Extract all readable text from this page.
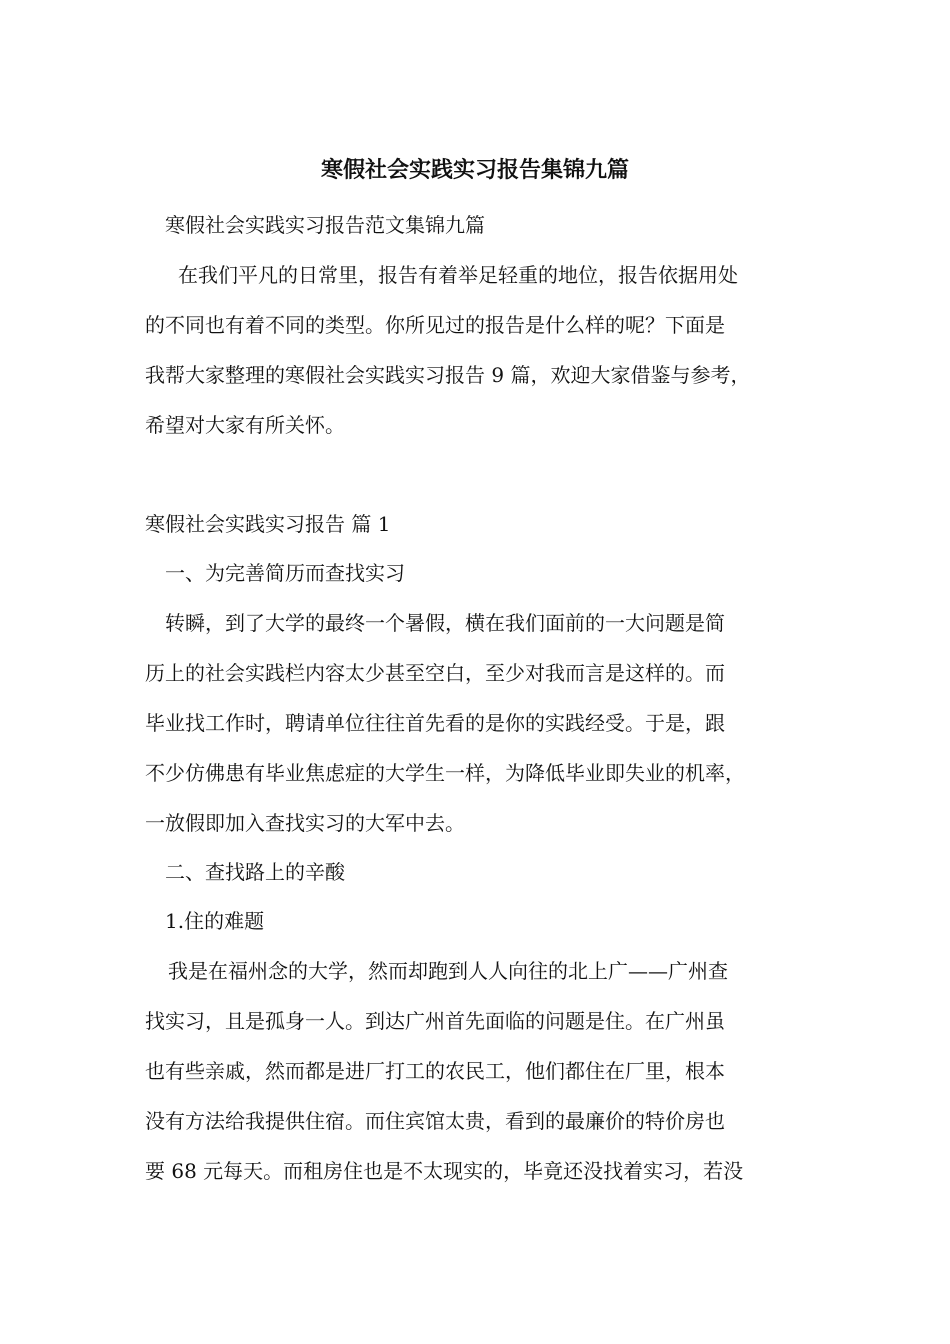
寒假社会实践实习报告集锦九篇
寒假社会实践实习报告范文集锦九篇
在我们平凡的日常里，报告有着举足轻重的地位，报告依据用处
的不同也有着不同的类型。你所见过的报告是什么样的呢？下面是
我帮大家整理的寒假社会实践实习报告 9 篇，欢迎大家借鉴与参考，
希望对大家有所关怀。
寒假社会实践实习报告 篇 1
一、为完善简历而查找实习
转瞬，到了大学的最终一个暑假，横在我们面前的一大问题是简
历上的社会实践栏内容太少甚至空白，至少对我而言是这样的。而
毕业找工作时，聘请单位往往首先看的是你的实践经受。于是，跟
不少仿佛患有毕业焦虑症的大学生一样，为降低毕业即失业的机率，
一放假即加入查找实习的大军中去。
二、查找路上的辛酸
1.住的难题
我是在福州念的大学，然而却跑到人人向往的北上广——广州查
找实习，且是孤身一人。到达广州首先面临的问题是住。在广州虽
也有些亲戚，然而都是进厂打工的农民工，他们都住在厂里，根本
没有方法给我提供住宿。而住宾馆太贵，看到的最廉价的特价房也
要 68 元每天。而租房住也是不太现实的，毕竟还没找着实习，若没
